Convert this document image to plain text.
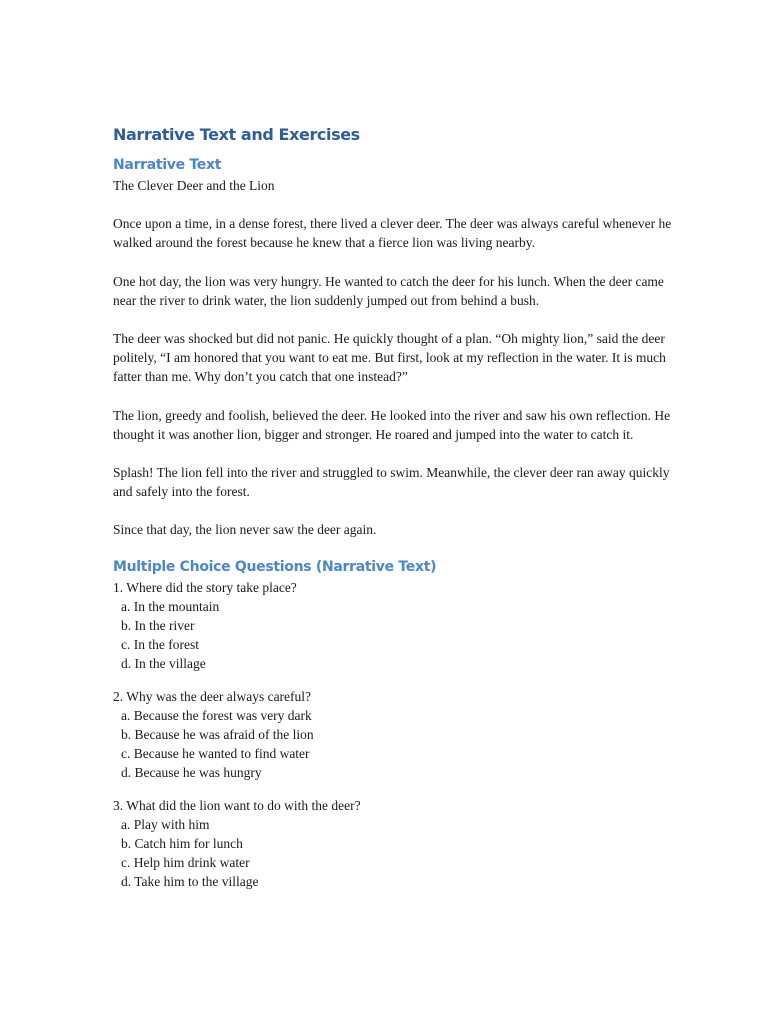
Narrative Text and Exercises
Narrative Text

The Clever Deer and the Lion

Once upon a time, in a dense forest, there lived a clever deer. The deer was always careful whenever he walked around the forest because he knew that a fierce lion was living nearby.

One hot day, the lion was very hungry. He wanted to catch the deer for his lunch. When the deer came near the river to drink water, the lion suddenly jumped out from behind a bush.

The deer was shocked but did not panic. He quickly thought of a plan. “Oh mighty lion,” said the deer politely, “I am honored that you want to eat me. But first, look at my reflection in the water. It is much fatter than me. Why don’t you catch that one instead?”

The lion, greedy and foolish, believed the deer. He looked into the river and saw his own reflection. He thought it was another lion, bigger and stronger. He roared and jumped into the water to catch it.

Splash! The lion fell into the river and struggled to swim. Meanwhile, the clever deer ran away quickly and safely into the forest.

Since that day, the lion never saw the deer again.

Multiple Choice Questions (Narrative Text)

1. Where did the story take place?

a. In the mountain

b. In the river

c. In the forest

d. In the village

2. Why was the deer always careful?

a. Because the forest was very dark

b. Because he was afraid of the lion

c. Because he wanted to find water

d. Because he was hungry

3. What did the lion want to do with the deer?

a. Play with him

b. Catch him for lunch

c. Help him drink water

d. Take him to the village
